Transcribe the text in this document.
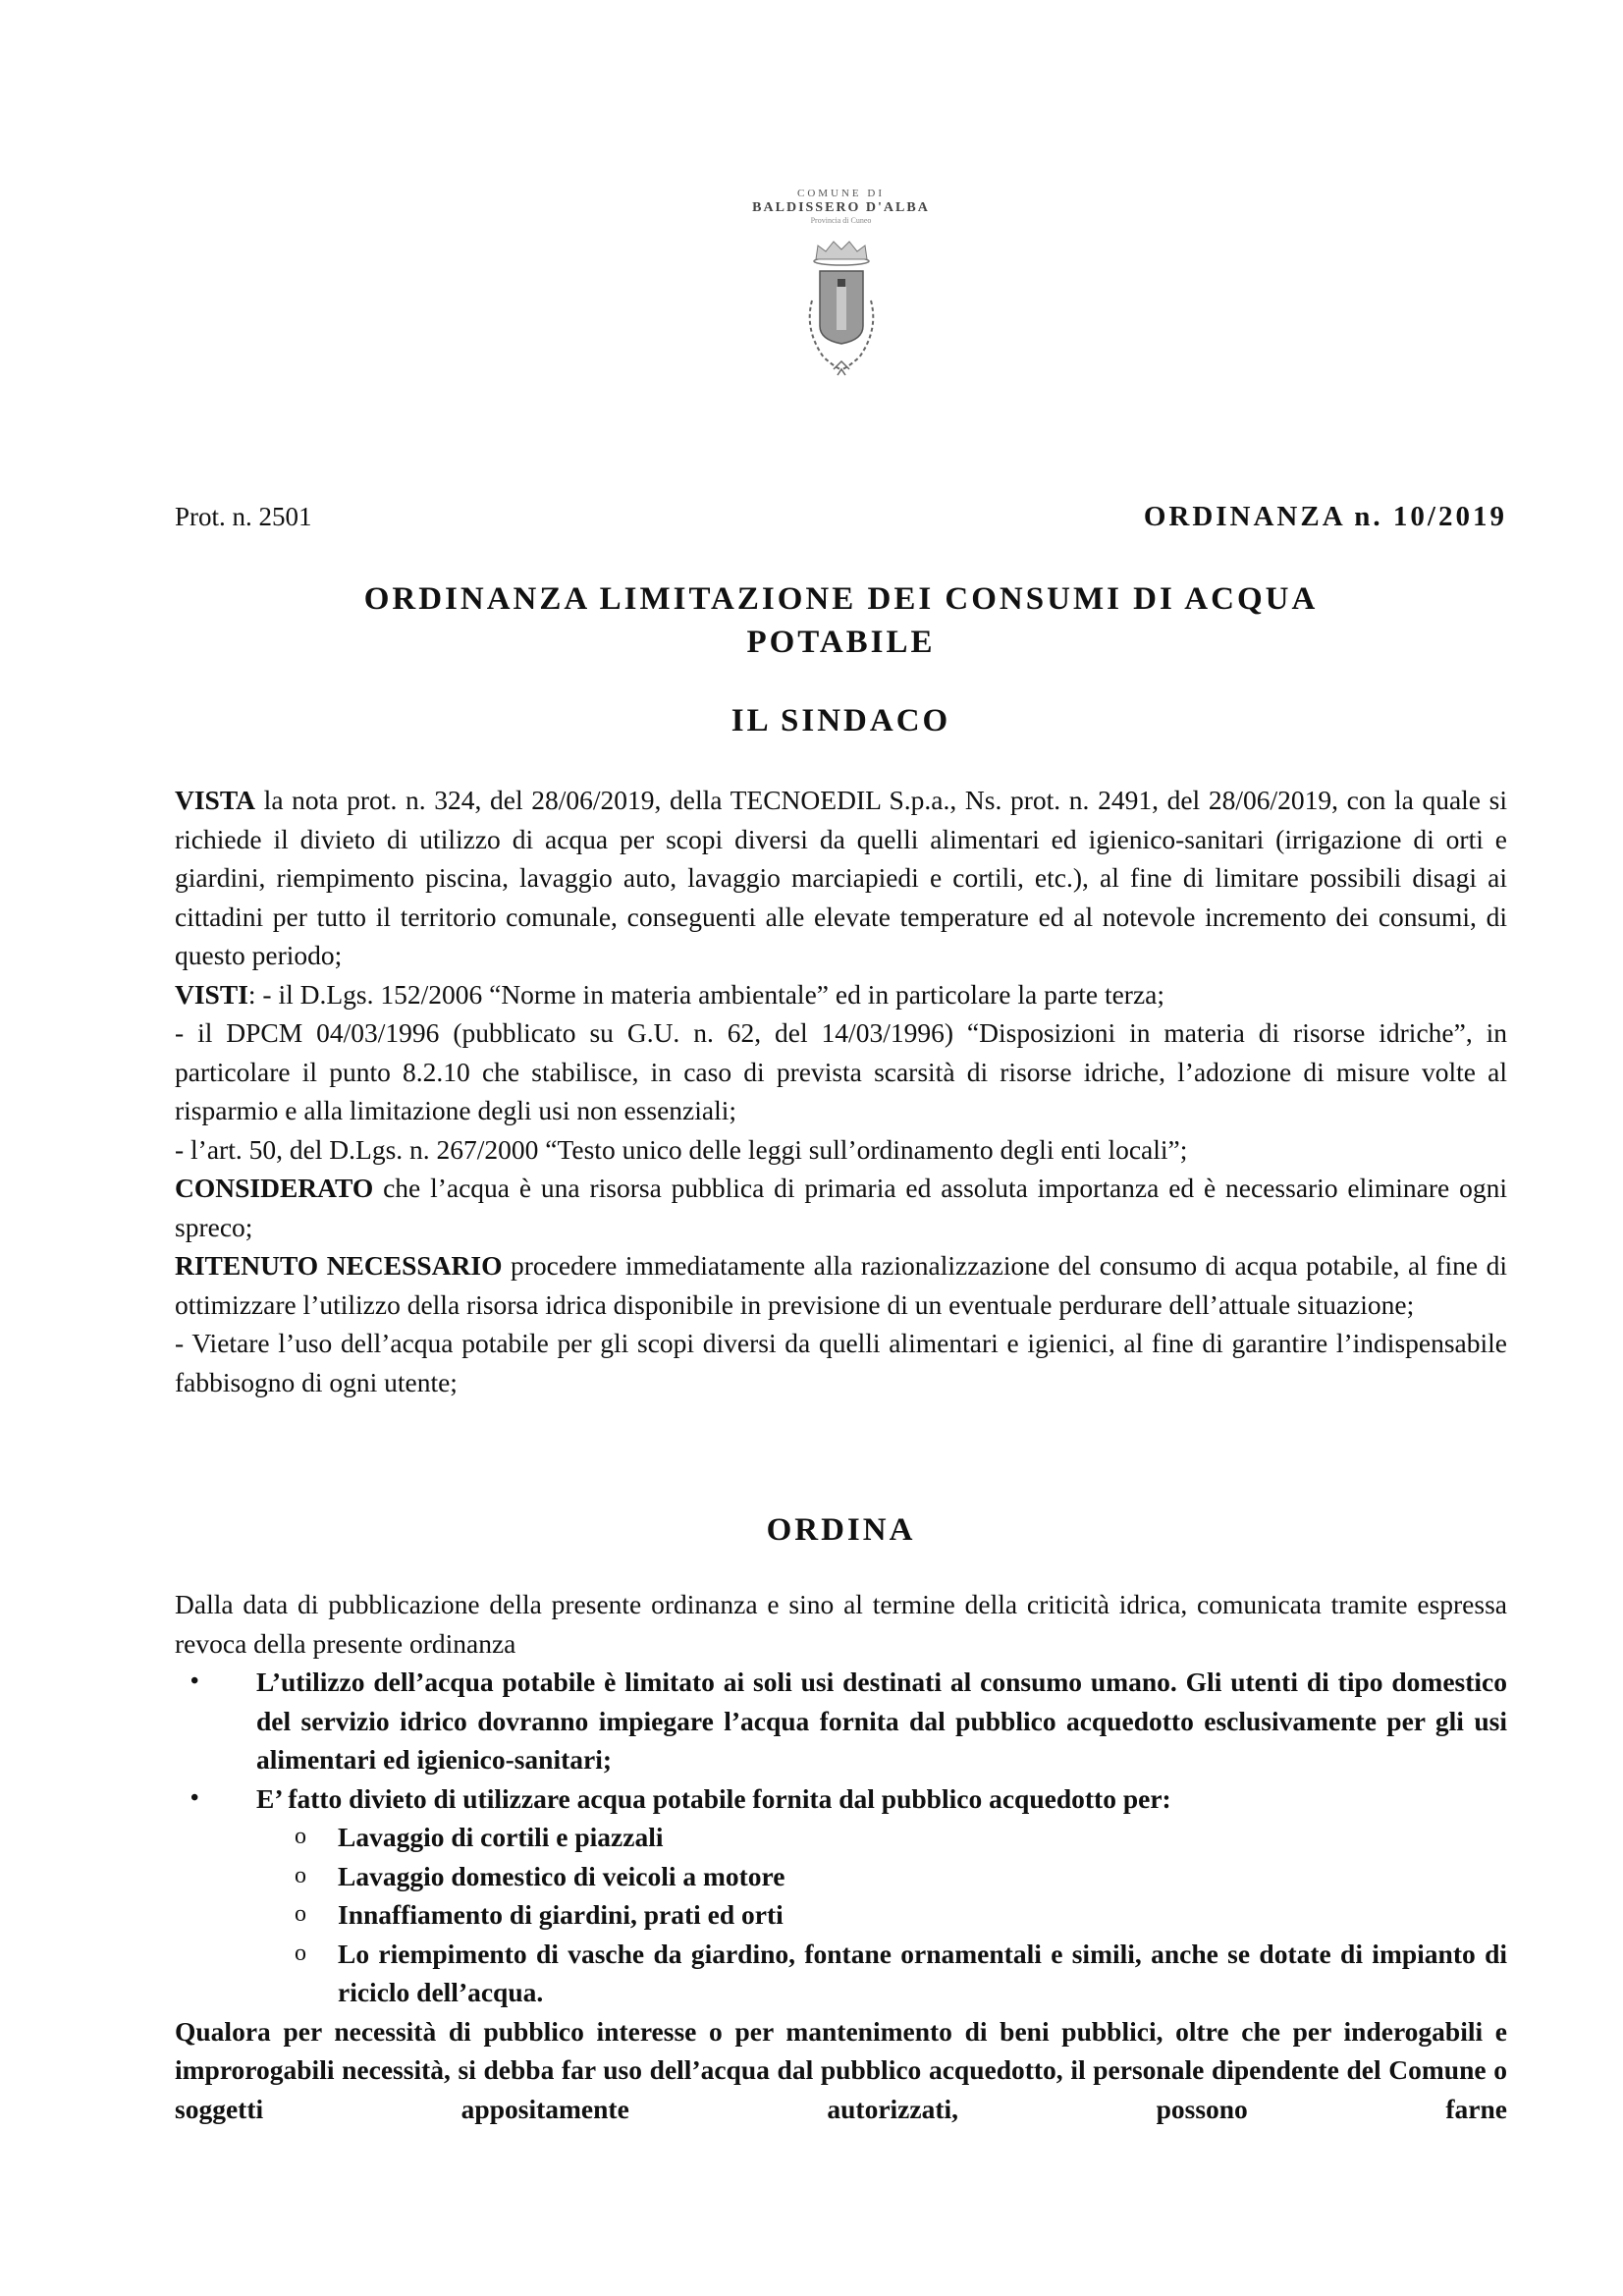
COMUNE DI
BALDISSERO D'ALBA
Provincia di Cuneo
Prot. n. 2501	ORDINANZA n. 10/2019
ORDINANZA LIMITAZIONE DEI CONSUMI DI ACQUA
POTABILE
IL SINDACO

VISTA la nota prot. n. 324, del 28/06/2019, della TECNOEDIL S.p.a., Ns. prot. n. 2491, del 28/06/2019, con la quale si richiede il divieto di utilizzo di acqua per scopi diversi da quelli alimentari ed igienico-sanitari (irrigazione di orti e giardini, riempimento piscina, lavaggio auto, lavaggio marciapiedi e cortili, etc.), al fine di limitare possibili disagi ai cittadini per tutto il territorio comunale, conseguenti alle elevate temperature ed al notevole incremento dei consumi, di questo periodo;

VISTI: - il D.Lgs. 152/2006 “Norme in materia ambientale” ed in particolare la parte terza;

- il DPCM 04/03/1996 (pubblicato su G.U. n. 62, del 14/03/1996) “Disposizioni in materia di risorse idriche”, in particolare il punto 8.2.10 che stabilisce, in caso di prevista scarsità di risorse idriche, l’adozione di misure volte al risparmio e alla limitazione degli usi non essenziali;

- l’art. 50, del D.Lgs. n. 267/2000 “Testo unico delle leggi sull’ordinamento degli enti locali”;

CONSIDERATO che l’acqua è una risorsa pubblica di primaria ed assoluta importanza ed è necessario eliminare ogni spreco;

RITENUTO NECESSARIO procedere immediatamente alla razionalizzazione del consumo di acqua potabile, al fine di ottimizzare l’utilizzo della risorsa idrica disponibile in previsione di un eventuale perdurare dell’attuale situazione;

- Vietare l’uso dell’acqua potabile per gli scopi diversi da quelli alimentari e igienici, al fine di garantire l’indispensabile fabbisogno di ogni utente;

ORDINA

Dalla data di pubblicazione della presente ordinanza e sino al termine della criticità idrica, comunicata tramite espressa revoca della presente ordinanza

• L’utilizzo dell’acqua potabile è limitato ai soli usi destinati al consumo umano. Gli utenti di tipo domestico del servizio idrico dovranno impiegare l’acqua fornita dal pubblico acquedotto esclusivamente per gli usi alimentari ed igienico-sanitari;
• E’ fatto divieto di utilizzare acqua potabile fornita dal pubblico acquedotto per:
o Lavaggio di cortili e piazzali
o Lavaggio domestico di veicoli a motore
o Innaffiamento di giardini, prati ed orti
o Lo riempimento di vasche da giardino, fontane ornamentali e simili, anche se dotate di impianto di riciclo dell’acqua.

Qualora per necessità di pubblico interesse o per mantenimento di beni pubblici, oltre che per inderogabili e improrogabili necessità, si debba far uso dell’acqua dal pubblico acquedotto, il personale dipendente del Comune o soggetti appositamente autorizzati, possono farne
